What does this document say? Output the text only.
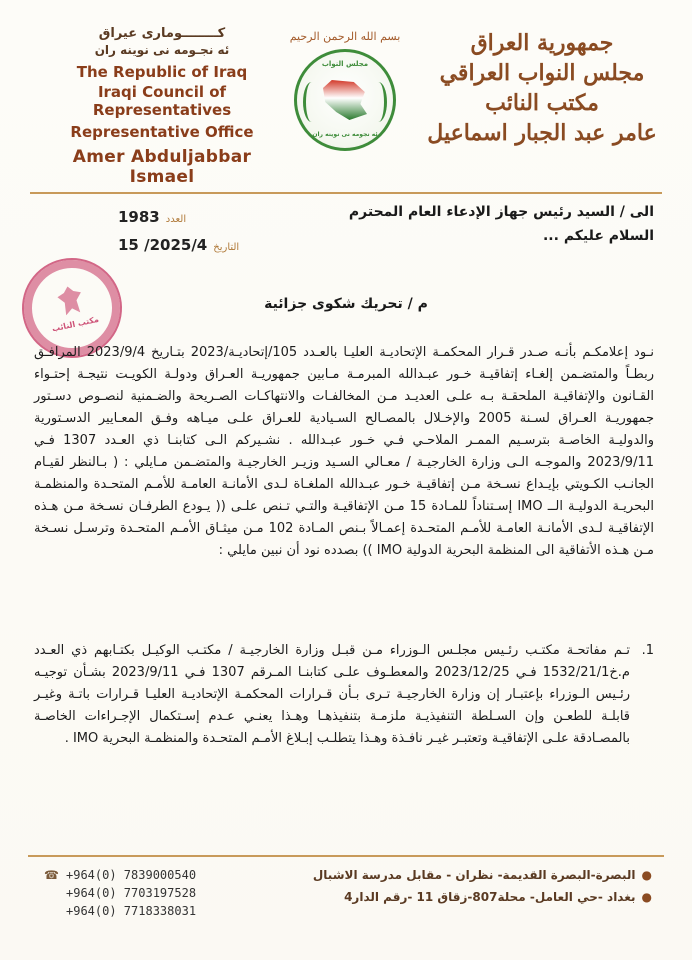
کــــــــوماری عیراق
ئه نجـومه نی نوینه ران
The Republic of Iraq
Iraqi Council of Representatives
Representative Office
Amer Abduljabbar Ismael
بسم الله الرحمن الرحيم
مجلس النواب
ئه نجومه نی نوینه ران
جمهورية العراق
مجلس النواب العراقي
مكتب النائب
عامر عبد الجبار اسماعيل
العدد
1983
التاريخ
2025/4/ 15
الى / السيد رئيس جهاز الإدعاء العام المحترم
السلام عليكم ...
مكتب النائب
م / تحريك شكوى جزائية

نـود إعلامكـم بأنـه صـدر قـرار المحكمـة الإتحاديـة العليـا بالعـدد 105/إتحاديـة/2023 بتـاريخ 2023/9/4 المرافـق ربطـاً والمتضـمن إلغـاء إتفاقيـة خـور عبـدالله المبرمـة مـابين جمهوريـة العـراق ودولـة الكويـت نتيجـة إحتـواء القـانون والإتفاقيـة الملحقـة بـه علـى العديـد مـن المخالفـات والانتهاكـات الصـريحة والضـمنية لنصـوص دسـتور جمهوريـة العـراق لسـنة 2005 والإخـلال بالمصـالح السـيادية للعـراق علـى ميـاهه وفـق المعـايير الدسـتورية والدوليـة الخاصـة بترسـيم الممـر الملاحـي فـي خـور عبـدالله . نشـيركم الـى كتابنـا ذي العـدد 1307 فـي 2023/9/11 والموجـه الـى وزارة الخارجيـة / معـالي السـيد وزيـر الخارجيـة والمتضـمن مـايلي : ( بـالنظر لقيـام الجانـب الكـويتي بإيـداع نسـخة مـن إتفاقيـة خـور عبـدالله الملغـاة لـدى الأمانـة العامـة للأمـم المتحـدة والمنظمـة البحريـة الدوليـة الــ IMO إسـتناداً للمـادة 15 مـن الإتفاقيـة والتـي تـنص علـى (( يـودع الطرفـان نسـخة مـن هـذه الإتفاقيـة لـدى الأمانـة العامـة للأمـم المتحـدة إعمـالاً بـنص المـادة 102 مـن ميثـاق الأمـم المتحـدة وترسـل نسـخة مـن هـذه الأتفاقية الى المنظمة البحرية الدولية IMO )) بصدده نود أن نبين مايلي :

1.
تـم مفاتحـة مكتـب رئـيس مجلـس الـوزراء مـن قبـل وزارة الخارجيـة / مكتـب الوكيـل بكتـابهم ذي العـدد م.خ1532/21/1 فـي 2023/12/25 والمعطـوف علـى كتابنـا المـرقم 1307 فـي 2023/9/11 بشـأن توجيـه رئـيس الـوزراء بإعتبـار إن وزارة الخارجيـة تـرى بـأن قـرارات المحكمـة الإتحاديـة العليـا قـرارات باتـة وغيـر قابلـة للطعـن وإن السـلطة التنفيذيـة ملزمـة بتنفيذهـا وهـذا يعنـي عـدم إسـتكمال الإجـراءات الخاصـة بالمصـادقة علـى الإتفاقيـة وتعتبـر غيـر نافـذة وهـذا يتطلـب إبـلاغ الأمـم المتحـدة والمنظمـة البحرية IMO .
☎ +964(0) 7839000540
+964(0) 7703197528
+964(0) 7718338031
●
البصرة-البصرة القديمة- نظران - مقابل مدرسة الاشبال
●
بغداد -حي العامل- محلة807-زقاق 11 -رقم الدار4
